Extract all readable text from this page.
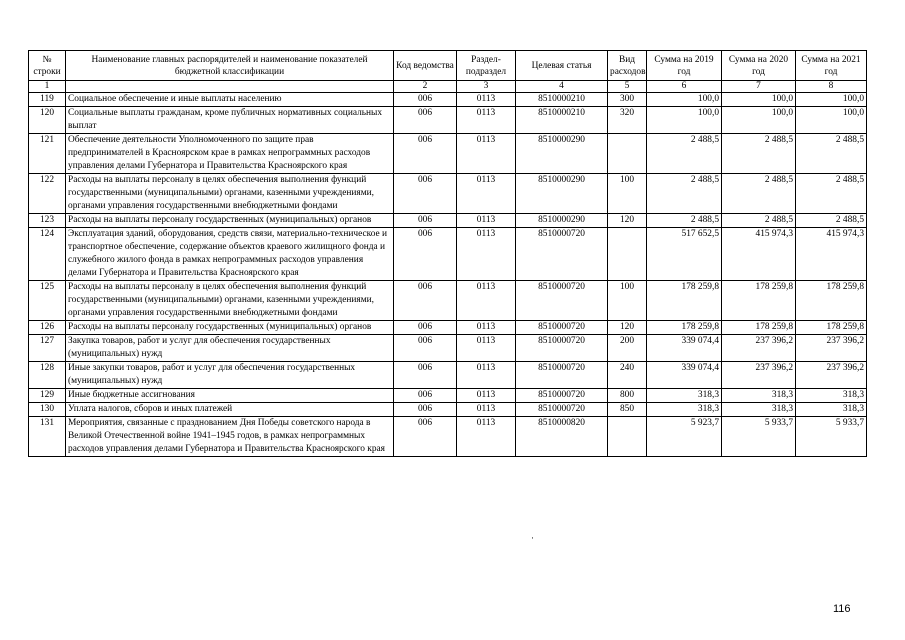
№ строки	Наименование главных распорядителей и наименование показателей бюджетной классификации	Код ведомства	Раздел-подраздел	Целевая статья	Вид расходов	Сумма на 2019 год	Сумма на 2020 год	Сумма на 2021 год
1		2	3	4	5	6	7	8
119	Социальное обеспечение и иные выплаты населению	006	0113	8510000210	300	100,0	100,0	100,0
120	Социальные выплаты гражданам, кроме публичных нормативных социальных выплат	006	0113	8510000210	320	100,0	100,0	100,0
121	Обеспечение деятельности Уполномоченного по защите прав предпринимателей в Красноярском крае в рамках непрограммных расходов управления делами Губернатора и Правительства Красноярского края	006	0113	8510000290		2 488,5	2 488,5	2 488,5
122	Расходы на выплаты персоналу в целях обеспечения выполнения функций государственными (муниципальными) органами, казенными учреждениями, органами управления государственными внебюджетными фондами	006	0113	8510000290	100	2 488,5	2 488,5	2 488,5
123	Расходы на выплаты персоналу государственных (муниципальных) органов	006	0113	8510000290	120	2 488,5	2 488,5	2 488,5
124	Эксплуатация зданий, оборудования, средств связи, материально-техническое и транспортное обеспечение, содержание объектов краевого жилищного фонда и служебного жилого фонда в рамках непрограммных расходов управления делами Губернатора и Правительства Красноярского края	006	0113	8510000720		517 652,5	415 974,3	415 974,3
125	Расходы на выплаты персоналу в целях обеспечения выполнения функций государственными (муниципальными) органами, казенными учреждениями, органами управления государственными внебюджетными фондами	006	0113	8510000720	100	178 259,8	178 259,8	178 259,8
126	Расходы на выплаты персоналу государственных (муниципальных) органов	006	0113	8510000720	120	178 259,8	178 259,8	178 259,8
127	Закупка товаров, работ и услуг для обеспечения государственных (муниципальных) нужд	006	0113	8510000720	200	339 074,4	237 396,2	237 396,2
128	Иные закупки товаров, работ и услуг для обеспечения государственных (муниципальных) нужд	006	0113	8510000720	240	339 074,4	237 396,2	237 396,2
129	Иные бюджетные ассигнования	006	0113	8510000720	800	318,3	318,3	318,3
130	Уплата налогов, сборов и иных платежей	006	0113	8510000720	850	318,3	318,3	318,3
131	Мероприятия, связанные с празднованием Дня Победы советского народа в Великой Отечественной войне 1941–1945 годов, в рамках непрограммных расходов управления делами Губернатора и Правительства Красноярского края	006	0113	8510000820		5 923,7	5 933,7	5 933,7
·
116
